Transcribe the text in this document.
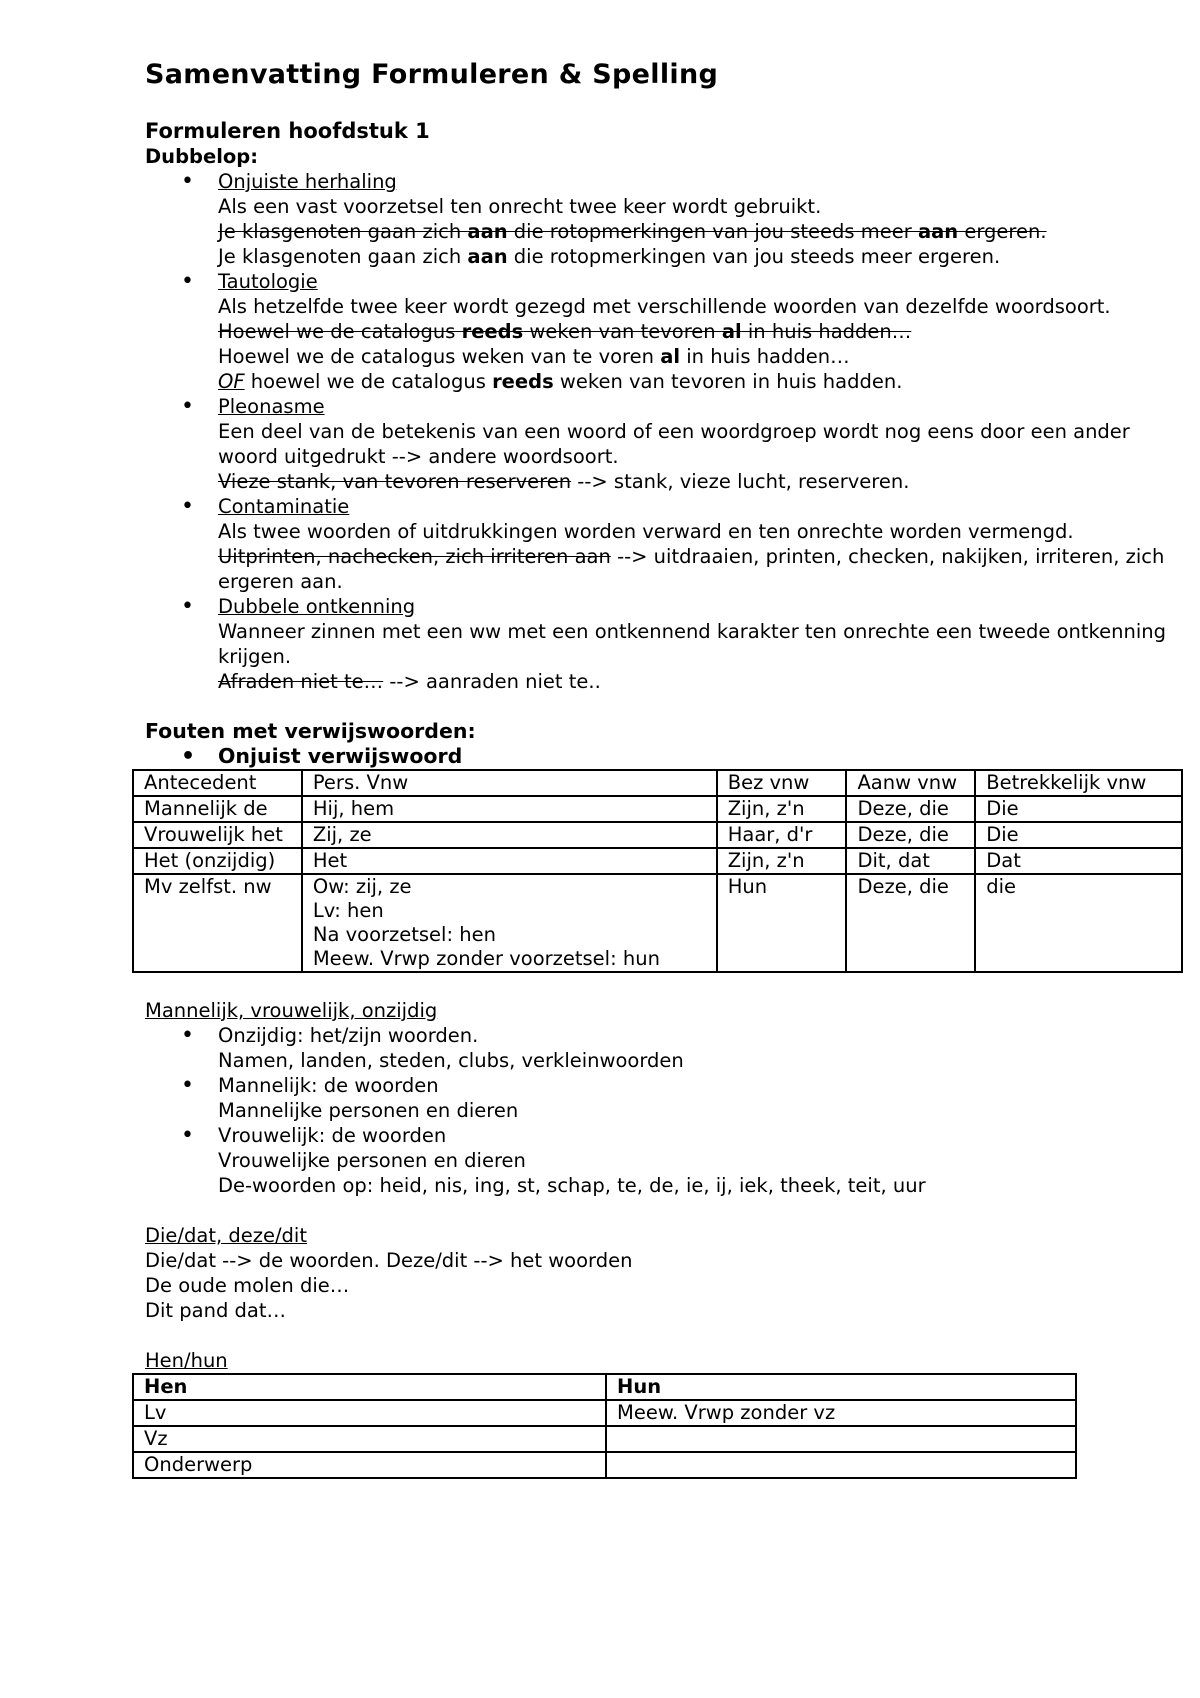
Samenvatting Formuleren & Spelling
Formuleren hoofdstuk 1
Dubbelop:
• Onjuiste herhaling
Als een vast voorzetsel ten onrecht twee keer wordt gebruikt.
Je klasgenoten gaan zich aan die rotopmerkingen van jou steeds meer aan ergeren.
Je klasgenoten gaan zich aan die rotopmerkingen van jou steeds meer ergeren.
• Tautologie
Als hetzelfde twee keer wordt gezegd met verschillende woorden van dezelfde woordsoort.
Hoewel we de catalogus reeds weken van tevoren al in huis hadden…
Hoewel we de catalogus weken van te voren al in huis hadden…
OF hoewel we de catalogus reeds weken van tevoren in huis hadden.
• Pleonasme
Een deel van de betekenis van een woord of een woordgroep wordt nog eens door een ander woord uitgedrukt --> andere woordsoort.
Vieze stank, van tevoren reserveren --> stank, vieze lucht, reserveren.
• Contaminatie
Als twee woorden of uitdrukkingen worden verward en ten onrechte worden vermengd.
Uitprinten, nachecken, zich irriteren aan --> uitdraaien, printen, checken, nakijken, irriteren, zich ergeren aan.
• Dubbele ontkenning
Wanneer zinnen met een ww met een ontkennend karakter ten onrechte een tweede ontkenning krijgen.
Afraden niet te… --> aanraden niet te..
Fouten met verwijswoorden:
• Onjuist verwijswoord
Antecedent	Pers. Vnw	Bez vnw	Aanw vnw	Betrekkelijk vnw
Mannelijk de	Hij, hem	Zijn, z'n	Deze, die	Die
Vrouwelijk het	Zij, ze	Haar, d'r	Deze, die	Die
Het (onzijdig)	Het	Zijn, z'n	Dit, dat	Dat
Mv zelfst. nw	Ow: zij, ze
Lv: hen
Na voorzetsel: hen
Meew. Vrwp zonder voorzetsel: hun	Hun	Deze, die	die
Mannelijk, vrouwelijk, onzijdig
• Onzijdig: het/zijn woorden.
Namen, landen, steden, clubs, verkleinwoorden
• Mannelijk: de woorden
Mannelijke personen en dieren
• Vrouwelijk: de woorden
Vrouwelijke personen en dieren
De-woorden op: heid, nis, ing, st, schap, te, de, ie, ij, iek, theek, teit, uur
Die/dat, deze/dit
Die/dat --> de woorden. Deze/dit --> het woorden
De oude molen die…
Dit pand dat…
Hen/hun
Hen	Hun
Lv	Meew. Vrwp zonder vz
Vz	
Onderwerp	
